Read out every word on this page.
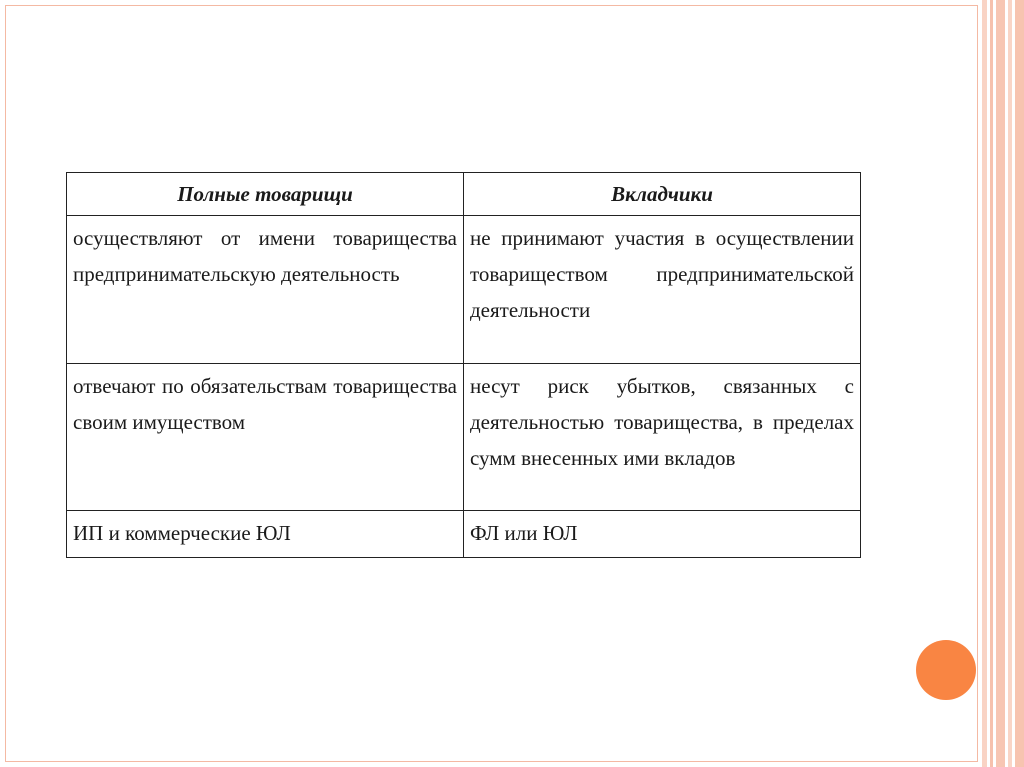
Полные товарищи	Вкладчики
осуществляют от имени товарищества предпринимательскую деятельность	не принимают участия в осуществлении товариществом предпринимательской деятельности
отвечают по обязательствам товарищества своим имуществом	несут риск убытков, связанных с деятельностью товарищества, в пределах сумм внесенных ими вкладов
ИП и коммерческие ЮЛ	ФЛ или ЮЛ
